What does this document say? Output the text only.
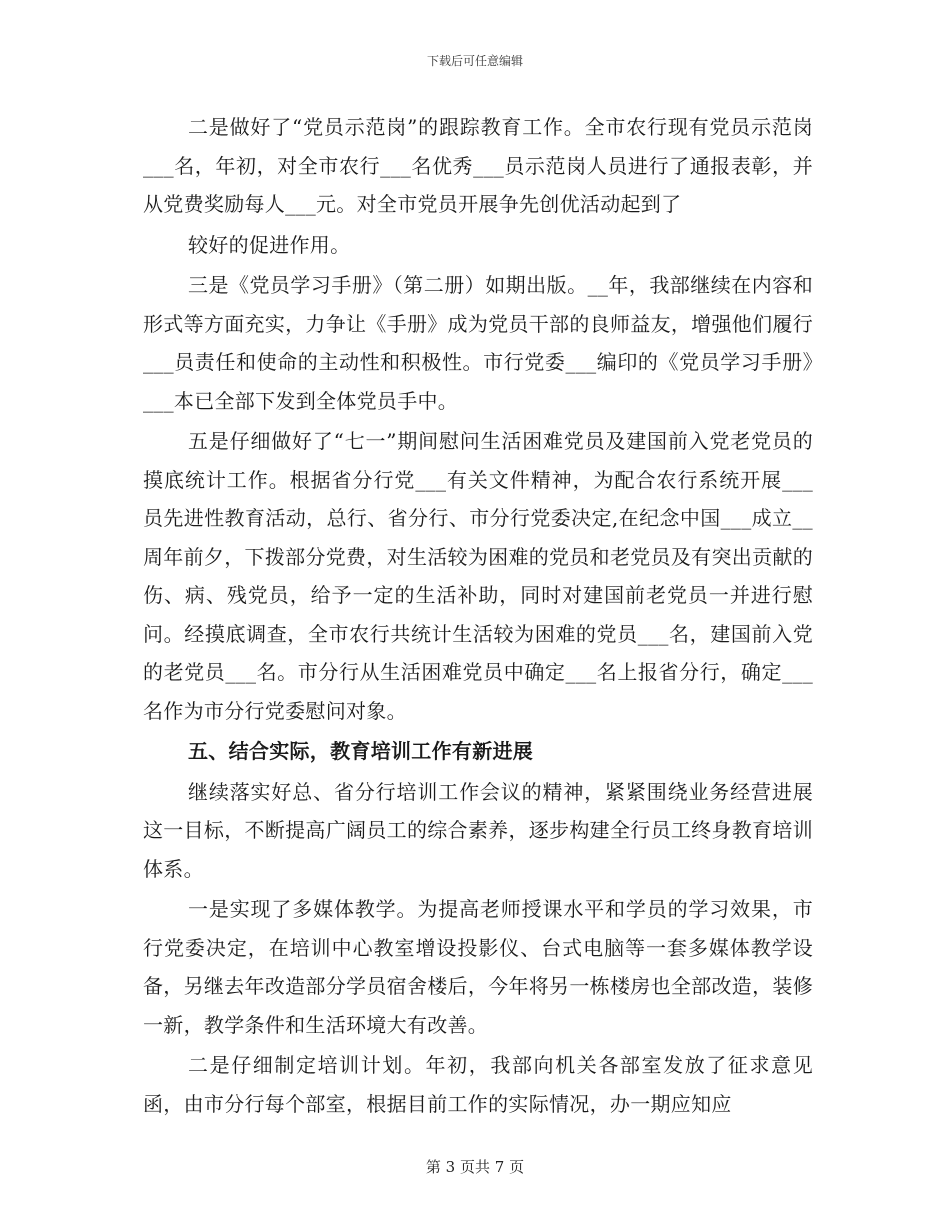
下载后可任意编辑

二是做好了“党员示范岗”的跟踪教育工作。全市农行现有党员示范岗___名，年初，对全市农行___名优秀___员示范岗人员进行了通报表彰，并从党费奖励每人___元。对全市党员开展争先创优活动起到了

较好的促进作用。

三是《党员学习手册》（第二册）如期出版。__年，我部继续在内容和形式等方面充实，力争让《手册》成为党员干部的良师益友，增强他们履行___员责任和使命的主动性和积极性。市行党委___编印的《党员学习手册》___本已全部下发到全体党员手中。

五是仔细做好了“七一”期间慰问生活困难党员及建国前入党老党员的摸底统计工作。根据省分行党___有关文件精神，为配合农行系统开展___员先进性教育活动，总行、省分行、市分行党委决定,在纪念中国___成立__周年前夕，下拨部分党费，对生活较为困难的党员和老党员及有突出贡献的伤、病、残党员，给予一定的生活补助，同时对建国前老党员一并进行慰问。经摸底调查，全市农行共统计生活较为困难的党员___名，建国前入党的老党员___名。市分行从生活困难党员中确定___名上报省分行，确定___名作为市分行党委慰问对象。

五、结合实际，教育培训工作有新进展

继续落实好总、省分行培训工作会议的精神，紧紧围绕业务经营进展这一目标，不断提高广阔员工的综合素养，逐步构建全行员工终身教育培训体系。

一是实现了多媒体教学。为提高老师授课水平和学员的学习效果，市行党委决定，在培训中心教室增设投影仪、台式电脑等一套多媒体教学设备，另继去年改造部分学员宿舍楼后，今年将另一栋楼房也全部改造，装修一新，教学条件和生活环境大有改善。

二是仔细制定培训计划。年初，我部向机关各部室发放了征求意见函，由市分行每个部室，根据目前工作的实际情况，办一期应知应

第 3 页共 7 页
